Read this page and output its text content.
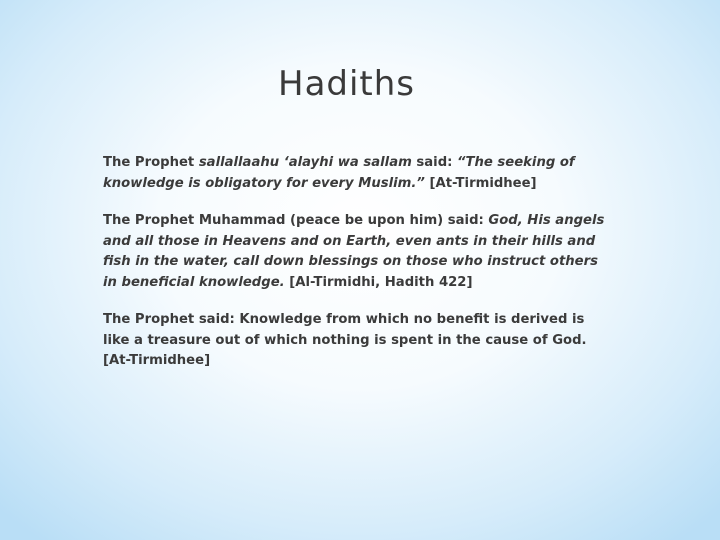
Hadiths

The Prophet sallallaahu ‘alayhi wa sallam said: “The seeking of knowledge is obligatory for every Muslim.” [At-Tirmidhee]

The Prophet Muhammad (peace be upon him) said: God, His angels and all those in Heavens and on Earth, even ants in their hills and fish in the water, call down blessings on those who instruct others in beneficial knowledge. [Al-Tirmidhi, Hadith 422]

The Prophet said: Knowledge from which no benefit is derived is like a treasure out of which nothing is spent in the cause of God. [At-Tirmidhee]
